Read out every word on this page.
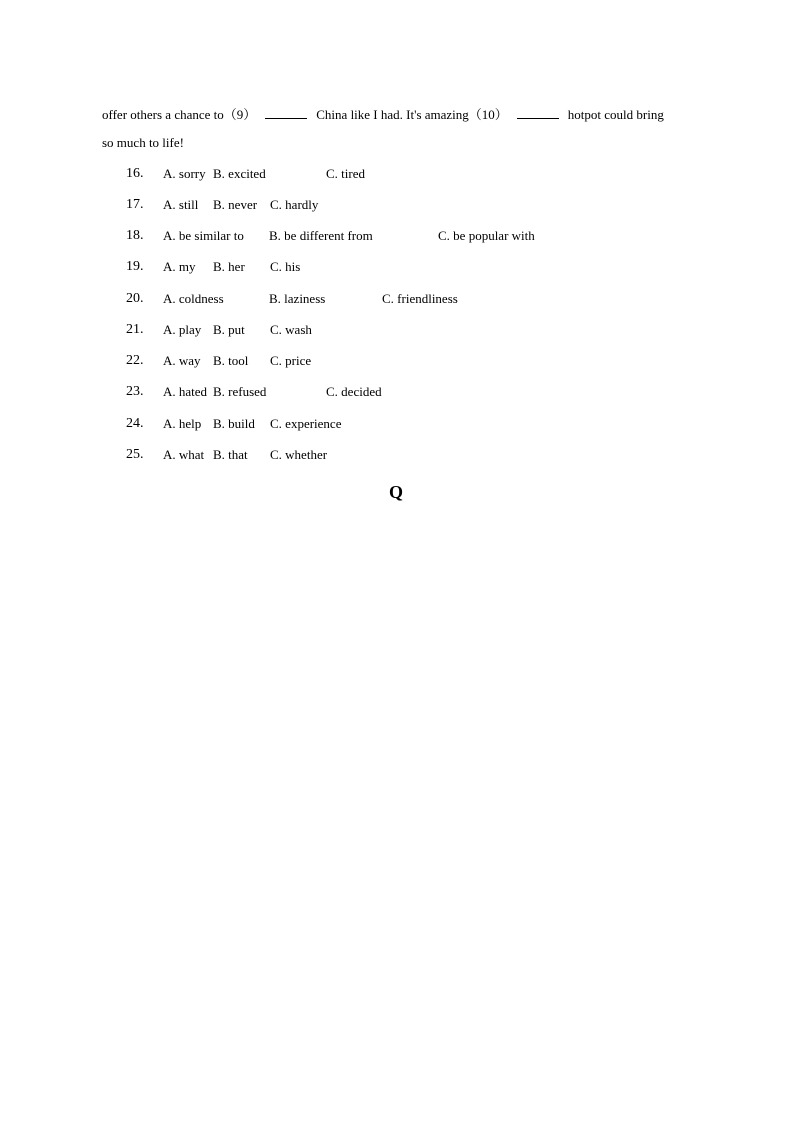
offer others a chance to（9）	China like I had. It's amazing（10）	hotpot could bring
so much to life!
16. A. sorry B. excited	C. tired
17. A. still B. never C. hardly
18. A. be similar to B. be different from	C. be popular with
19. A. my B. her C. his
20. A. coldness	B. laziness	C. friendliness
21. A. play B. put C. wash
22. A. way B. tool C. price
23. A. hated B. refused	C. decided
24. A. help B. build C. experience
25. A. what B. that C. whether
Q
